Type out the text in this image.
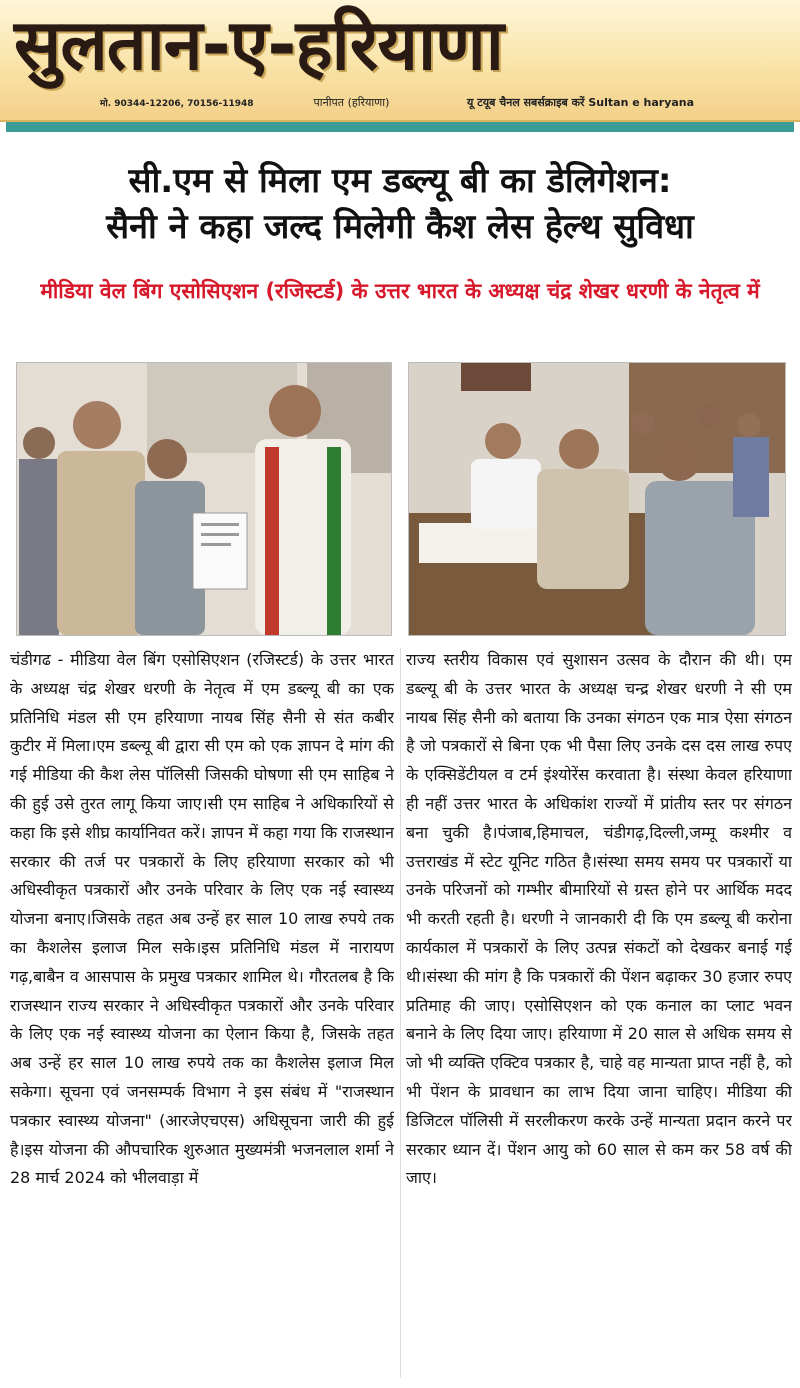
सुलतान-ए-हरियाणा
मो. 90344-12206, 70156-11948	पानीपत (हरियाणा)	यू टयूब चैनल सबर्सक्राइब करें Sultan e haryana
सी.एम से मिला एम डब्ल्यू बी का डेलिगेशन:
सैनी ने कहा जल्द मिलेगी कैश लेस हेल्थ सुविधा
मीडिया वेल बिंग एसोसिएशन (रजिस्टर्ड) के उत्तर भारत के अध्यक्ष चंद्र शेखर धरणी के नेतृत्व में

चंडीगढ - मीडिया वेल बिंग एसोसिएशन (रजिस्टर्ड) के उत्तर भारत के अध्यक्ष चंद्र शेखर धरणी के नेतृत्व में एम डब्ल्यू बी का एक प्रतिनिधि मंडल सी एम हरियाणा नायब सिंह सैनी से संत कबीर कुटीर में मिला।एम डब्ल्यू बी द्वारा सी एम को एक ज्ञापन दे मांग की गई मीडिया की कैश लेस पॉलिसी जिसकी घोषणा सी एम साहिब ने की हुई उसे तुरत लागू किया जाए।सी एम साहिब ने अधिकारियों से कहा कि इसे शीघ्र कार्यानिवत करें। ज्ञापन में कहा गया कि राजस्थान सरकार की तर्ज पर पत्रकारों के लिए हरियाणा सरकार को भी अधिस्वीकृत पत्रकारों और उनके परिवार के लिए एक नई स्वास्थ्य योजना बनाए।जिसके तहत अब उन्हें हर साल 10 लाख रुपये तक का कैशलेस इलाज मिल सके।इस प्रतिनिधि मंडल में नारायण गढ़,बाबैन व आसपास के प्रमुख पत्रकार शामिल थे। गौरतलब है कि राजस्थान राज्य सरकार ने अधिस्वीकृत पत्रकारों और उनके परिवार के लिए एक नई स्वास्थ्य योजना का ऐलान किया है, जिसके तहत अब उन्हें हर साल 10 लाख रुपये तक का कैशलेस इलाज मिल सकेगा। सूचना एवं जनसम्पर्क विभाग ने इस संबंध में "राजस्थान पत्रकार स्वास्थ्य योजना" (आरजेएचएस) अधिसूचना जारी की हुई है।इस योजना की औपचारिक शुरुआत मुख्यमंत्री भजनलाल शर्मा ने 28 मार्च 2024 को भीलवाड़ा में

राज्य स्तरीय विकास एवं सुशासन उत्सव के दौरान की थी। एम डब्ल्यू बी के उत्तर भारत के अध्यक्ष चन्द्र शेखर धरणी ने सी एम नायब सिंह सैनी को बताया कि उनका संगठन एक मात्र ऐसा संगठन है जो पत्रकारों से बिना एक भी पैसा लिए उनके दस दस लाख रुपए के एक्सिडेंटीयल व टर्म इंश्योरेंस करवाता है। संस्था केवल हरियाणा ही नहीं उत्तर भारत के अधिकांश राज्यों में प्रांतीय स्तर पर संगठन बना चुकी है।पंजाब,हिमाचल, चंडीगढ़,दिल्ली,जम्मू कश्मीर व उत्तराखंड में स्टेट यूनिट गठित है।संस्था समय समय पर पत्रकारों या उनके परिजनों को गम्भीर बीमारियों से ग्रस्त होने पर आर्थिक मदद भी करती रहती है। धरणी ने जानकारी दी कि एम डब्ल्यू बी करोना कार्यकाल में पत्रकारों के लिए उत्पन्न संकटों को देखकर बनाई गई थी।संस्था की मांग है कि पत्रकारों की पेंशन बढ़ाकर 30 हजार रुपए प्रतिमाह की जाए। एसोसिएशन को एक कनाल का प्लाट भवन बनाने के लिए दिया जाए। हरियाणा में 20 साल से अधिक समय से जो भी व्यक्ति एक्टिव पत्रकार है, चाहे वह मान्यता प्राप्त नहीं है, को भी पेंशन के प्रावधान का लाभ दिया जाना चाहिए। मीडिया की डिजिटल पॉलिसी में सरलीकरण करके उन्हें मान्यता प्रदान करने पर सरकार ध्यान दें। पेंशन आयु को 60 साल से कम कर 58 वर्ष की जाए।
